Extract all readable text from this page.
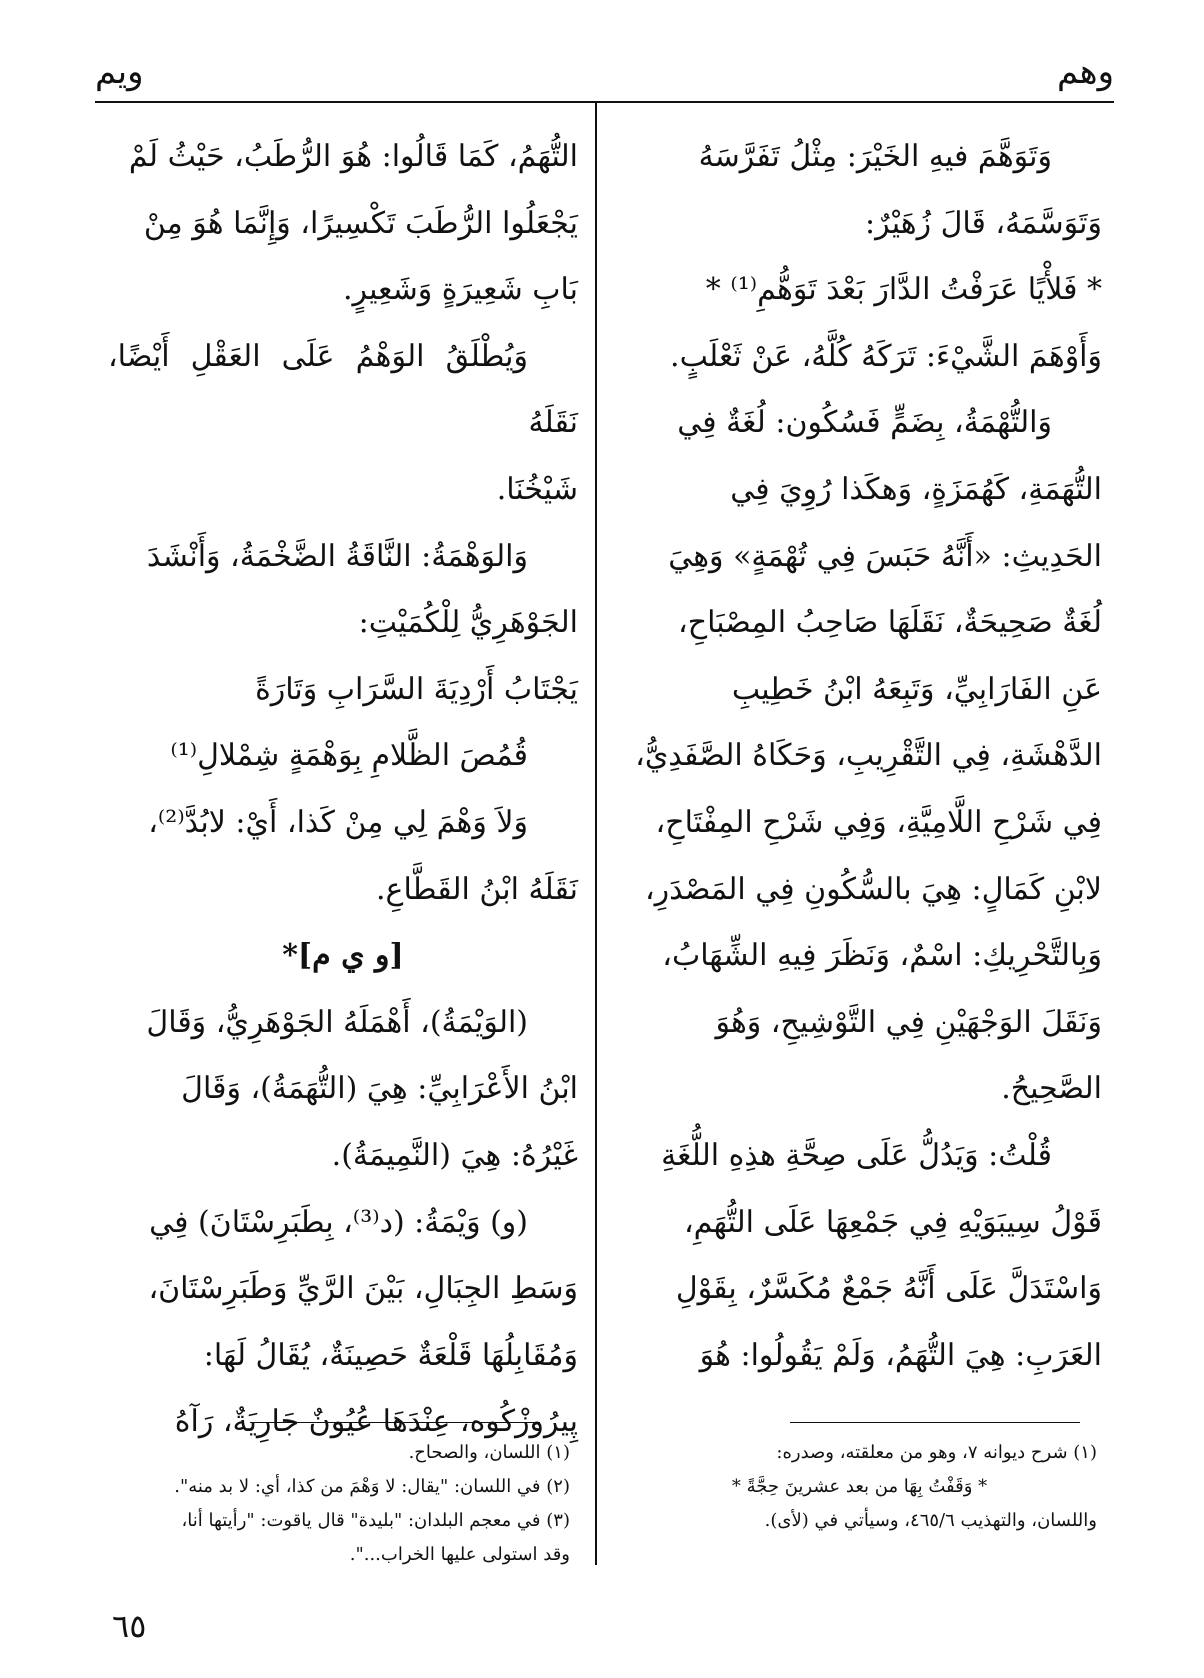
وهم
ويم

وَتَوَهَّمَ فيهِ الخَيْرَ: مِثْلُ تَفَرَّسَهُ

وَتَوَسَّمَهُ، قَالَ زُهَيْرٌ:

* فَلأْيًا عَرَفْتُ الدَّارَ بَعْدَ تَوَهُّمِ⁽¹⁾ *

وَأَوْهَمَ الشَّيْءَ: تَرَكَهُ كُلَّهُ، عَنْ ثَعْلَبٍ.

وَالتُّهْمَةُ، بِضَمٍّ فَسُكُون: لُغَةٌ فِي

التُّهَمَةِ، كَهُمَزَةٍ، وَهكَذا رُوِيَ فِي

الحَدِيثِ: «أَنَّهُ حَبَسَ فِي تُهْمَةٍ» وَهِيَ

لُغَةٌ صَحِيحَةٌ، نَقَلَهَا صَاحِبُ المِصْبَاحِ،

عَنِ الفَارَابِيِّ، وَتَبِعَهُ ابْنُ خَطِيبِ

الدَّهْشَةِ، فِي التَّقْرِيبِ، وَحَكَاهُ الصَّفَدِيُّ،

فِي شَرْحِ اللَّامِيَّةِ، وَفِي شَرْحِ المِفْتَاحِ،

لابْنِ كَمَالٍ: هِيَ بالسُّكُونِ فِي المَصْدَرِ،

وَبِالتَّحْرِيكِ: اسْمٌ، وَنَظَرَ فِيهِ الشِّهَابُ،

وَنَقَلَ الوَجْهَيْنِ فِي التَّوْشِيحِ، وَهُوَ

الصَّحِيحُ.

قُلْتُ: وَيَدُلُّ عَلَى صِحَّةِ هذِهِ اللُّغَةِ

قَوْلُ سِيبَوَيْهِ فِي جَمْعِهَا عَلَى التُّهَمِ،

وَاسْتَدَلَّ عَلَى أَنَّهُ جَمْعٌ مُكَسَّرٌ، بِقَوْلِ

العَرَبِ: هِيَ التُّهَمُ، وَلَمْ يَقُولُوا: هُوَ

التُّهَمُ، كَمَا قَالُوا: هُوَ الرُّطَبُ، حَيْثُ لَمْ

يَجْعَلُوا الرُّطَبَ تَكْسِيرًا، وَإِنَّمَا هُوَ مِنْ

بَابِ شَعِيرَةٍ وَشَعِيرٍ.

وَيُطْلَقُ الوَهْمُ عَلَى العَقْلِ أَيْضًا، نَقَلَهُ

شَيْخُنَا.

وَالوَهْمَةُ: النَّاقَةُ الضَّخْمَةُ، وَأَنْشَدَ

الجَوْهَرِيُّ لِلْكُمَيْتِ:

يَجْتَابُ أَرْدِيَةَ السَّرَابِ وَتَارَةً

قُمُصَ الظَّلامِ بِوَهْمَةٍ شِمْلالِ⁽¹⁾

وَلاَ وَهْمَ لِي مِنْ كَذا، أَيْ: لابُدَّ⁽²⁾،

نَقَلَهُ ابْنُ القَطَّاعِ.

[و ي م]*

(الوَيْمَةُ)، أَهْمَلَهُ الجَوْهَرِيُّ، وَقَالَ

ابْنُ الأَعْرَابِيِّ: هِيَ (التُّهَمَةُ)، وَقَالَ

غَيْرُهُ: هِيَ (النَّمِيمَةُ).

(و) وَيْمَةُ: (د⁽³⁾، بِطَبَرِسْتَانَ) فِي

وَسَطِ الجِبَالِ، بَيْنَ الرَّيِّ وَطَبَرِسْتَانَ،

وَمُقَابِلُهَا قَلْعَةٌ حَصِينَةٌ، يُقَالُ لَهَا:

پِيرُوزْكُوه، عِنْدَهَا عُيُونٌ جَارِيَةٌ، رَآهُ

(١) شرح ديوانه ٧، وهو من معلقته، وصدره:

* وَقَفْتُ بِهَا من بعد عشرينَ حِجَّةً *

واللسان، والتهذيب ٤٦٥/٦، وسيأتي في (لأى).

(١) اللسان، والصحاح.

(٢) في اللسان: "يقال: لا وَهْمَ من كذا، أي: لا بد منه".

(٣) في معجم البلدان: "بليدة" قال ياقوت: "رأيتها أنا،

وقد استولى عليها الخراب...".

٦٥
